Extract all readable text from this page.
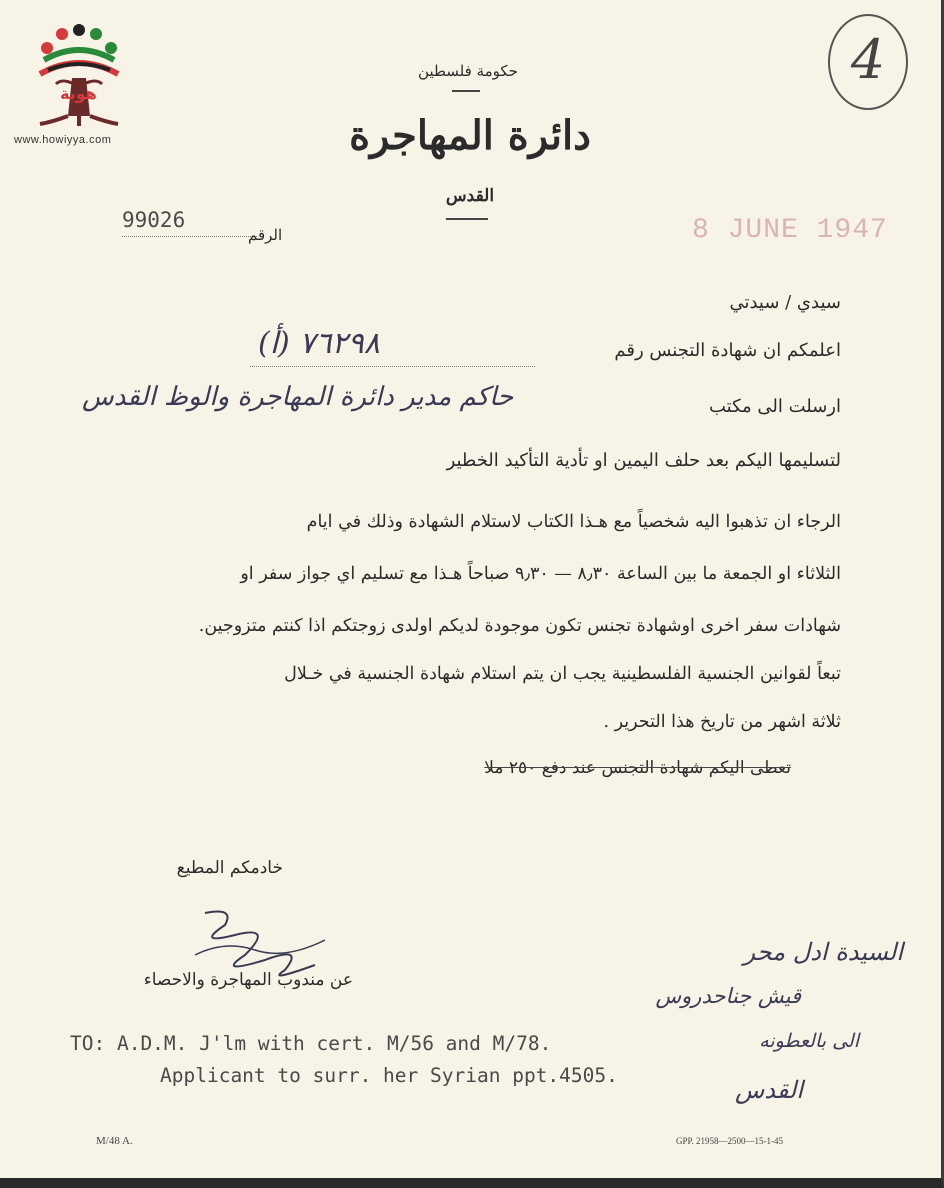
هوية
www.howiyya.com
4
حكومة فلسطين
دائرة المهاجرة
القدس
99026
الرقم	8 JUNE 1947
سيدي / سيدتي
اعلمكم ان شهادة التجنس رقم
٧٦٢٩٨ (أ)
ارسلت الى مكتب
حاكم مدير دائرة المهاجرة والوظ القدس
لتسليمها اليكم بعد حلف اليمين او تأدية التأكيد الخطير
الرجاء ان تذهبوا اليه شخصياً مع هـذا الكتاب لاستلام الشهادة وذلك في ايام
الثلاثاء او الجمعة ما بين الساعة ٨٫٣٠ — ٩٫٣٠ صباحاً هـذا مع تسليم اي جواز سفر او
شهادات سفر اخرى اوشهادة تجنس تكون موجودة لديكم اولدى زوجتكم اذا كنتم متزوجين.
تبعاً لقوانين الجنسية الفلسطينية يجب ان يتم استلام شهادة الجنسية في خـلال
ثلاثة اشهر من تاريخ هذا التحرير .
تعطى اليكم شهادة التجنس عند دفع ٢٥٠ ملا
خادمكم المطيع
عن مندوب المهاجرة والاحصاء
السيدة ادل محر
قيش جناحدروس
الى بالعطونه
القدس
TO: A.D.M. J'lm with cert. M/56 and M/78.
Applicant to surr. her Syrian ppt.4505.
M/48 A.	GPP. 21958—2500—15-1-45
